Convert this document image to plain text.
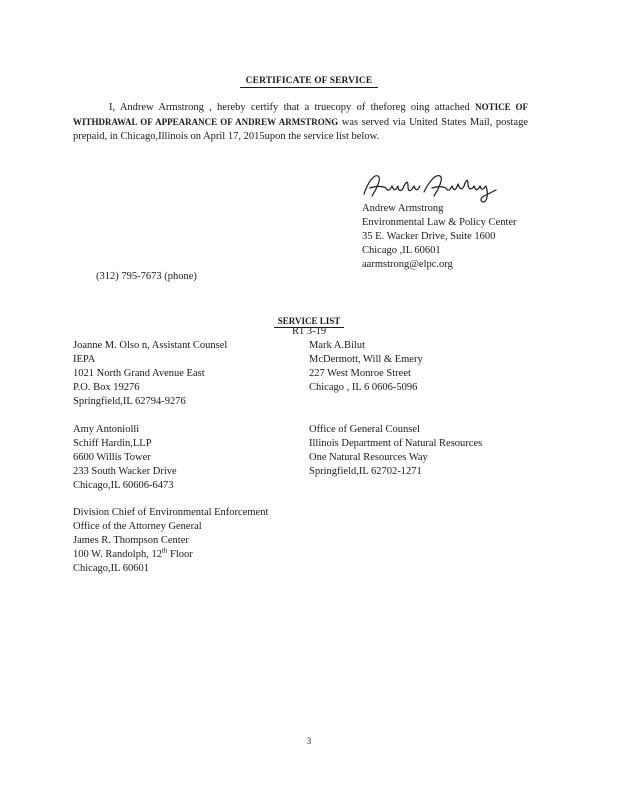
CERTIFICATE OF SERVICE
I, Andrew Armstrong , hereby certify that a truecopy of theforeg oing attached NOTICE OF WITHDRAWAL OF APPEARANCE OF ANDREW ARMSTRONG was served via United States Mail, postage prepaid, in Chicago,Illinois on April 17, 2015upon the service list below.
Andrew Armstrong
Environmental Law & Policy Center
35 E. Wacker Drive, Suite 1600
Chicago ,IL 60601
aarmstrong@elpc.org
(312) 795-7673 (phone)
SERVICE LIST
R1 3-19
Joanne M. Olso n, Assistant Counsel
IEPA
1021 North Grand Avenue East
P.O. Box 19276
Springfield,IL 62794-9276
Mark A.Bilut
McDermott, Will & Emery
227 West Monroe Street
Chicago , IL 6 0606-5096
Amy Antoniolli
Schiff Hardin,LLP
6600 Willis Tower
233 South Wacker Drive
Chicago,IL 60606-6473
Office of General Counsel
Illinois Department of Natural Resources
One Natural Resources Way
Springfield,IL 62702-1271
Division Chief of Environmental Enforcement
Office of the Attorney General
James R. Thompson Center
100 W. Randolph, 12th Floor
Chicago,IL 60601
3
